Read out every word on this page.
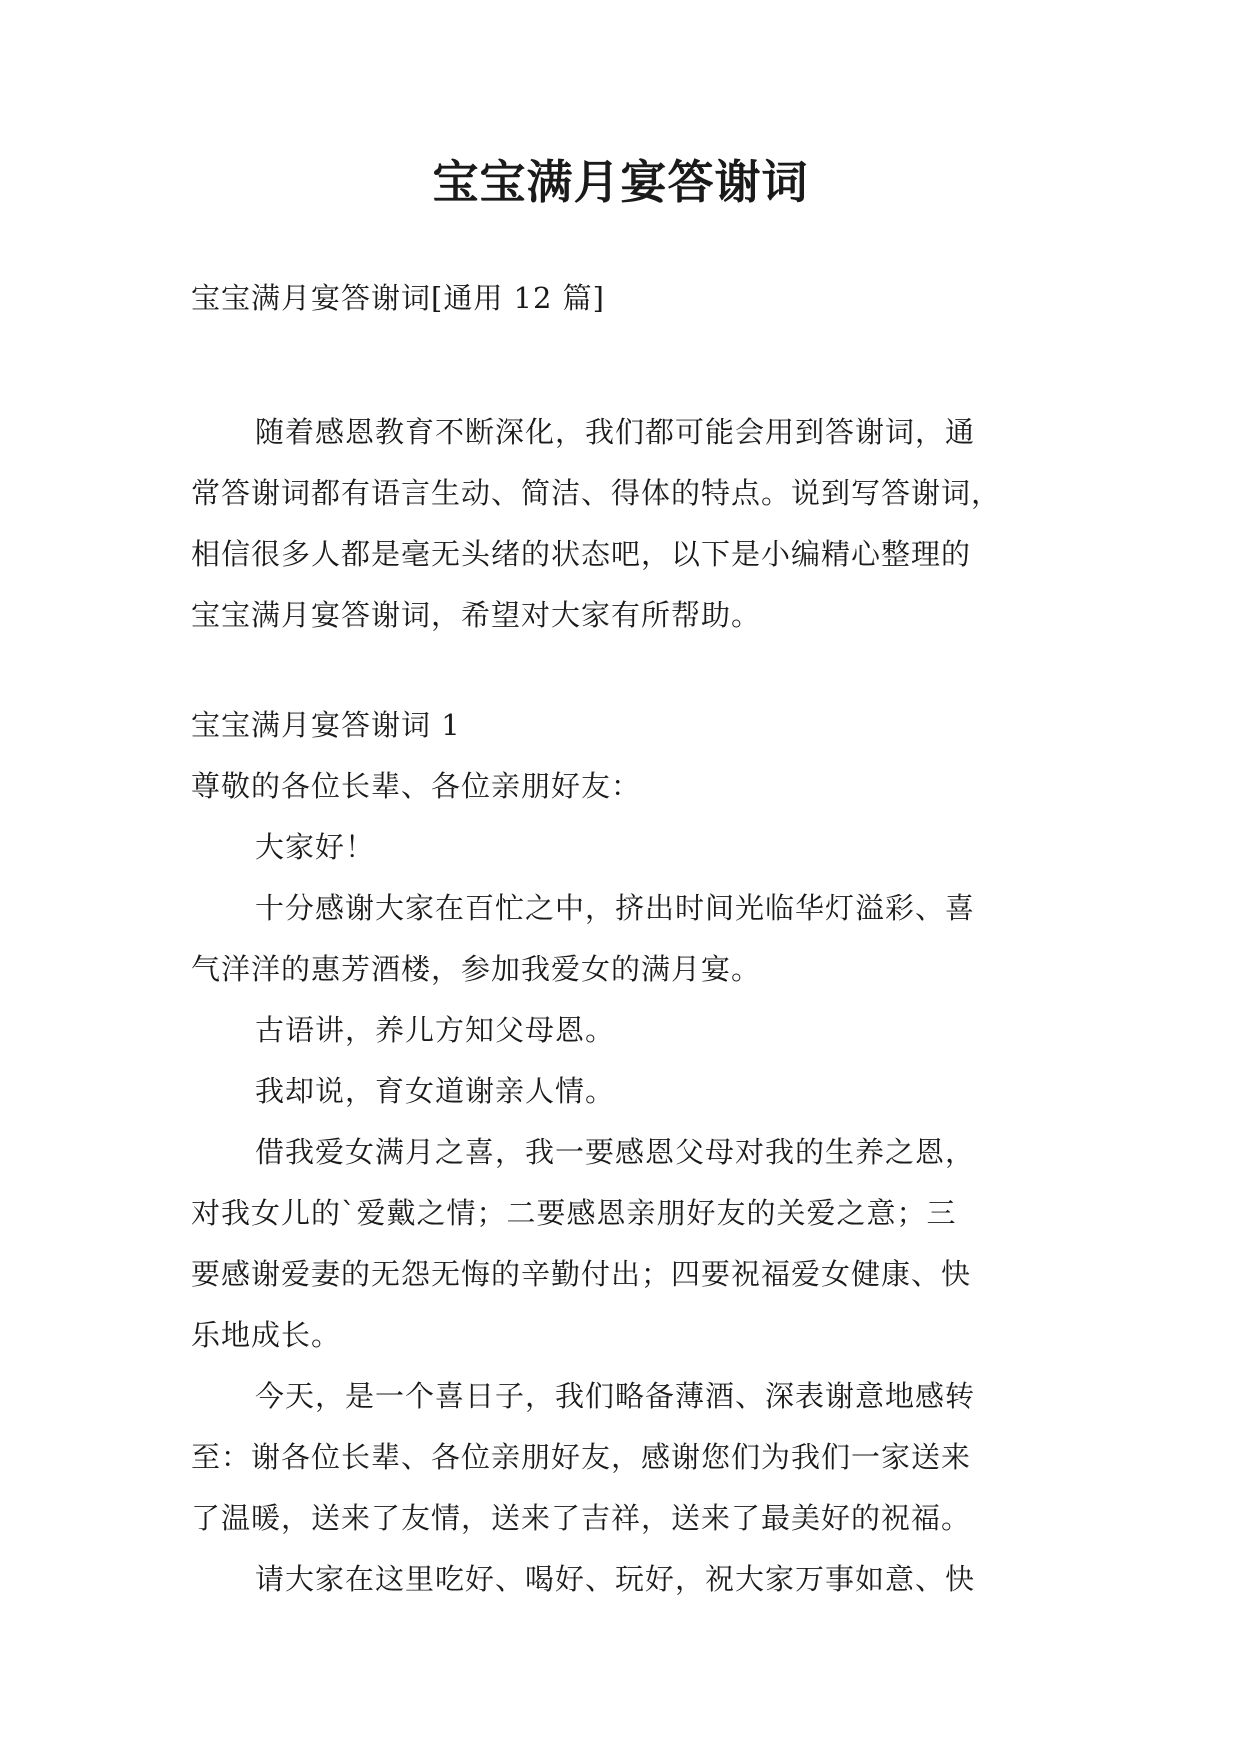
宝宝满月宴答谢词
宝宝满月宴答谢词[通用 12 篇]
随着感恩教育不断深化，我们都可能会用到答谢词，通
常答谢词都有语言生动、简洁、得体的特点。说到写答谢词，
相信很多人都是毫无头绪的状态吧，以下是小编精心整理的
宝宝满月宴答谢词，希望对大家有所帮助。
宝宝满月宴答谢词 1
尊敬的各位长辈、各位亲朋好友：
大家好！
十分感谢大家在百忙之中，挤出时间光临华灯溢彩、喜
气洋洋的惠芳酒楼，参加我爱女的满月宴。
古语讲，养儿方知父母恩。
我却说，育女道谢亲人情。
借我爱女满月之喜，我一要感恩父母对我的生养之恩，
对我女儿的`爱戴之情；二要感恩亲朋好友的关爱之意；三
要感谢爱妻的无怨无悔的辛勤付出；四要祝福爱女健康、快
乐地成长。
今天，是一个喜日子，我们略备薄酒、深表谢意地感转
至：谢各位长辈、各位亲朋好友，感谢您们为我们一家送来
了温暖，送来了友情，送来了吉祥，送来了最美好的祝福。
请大家在这里吃好、喝好、玩好，祝大家万事如意、快
